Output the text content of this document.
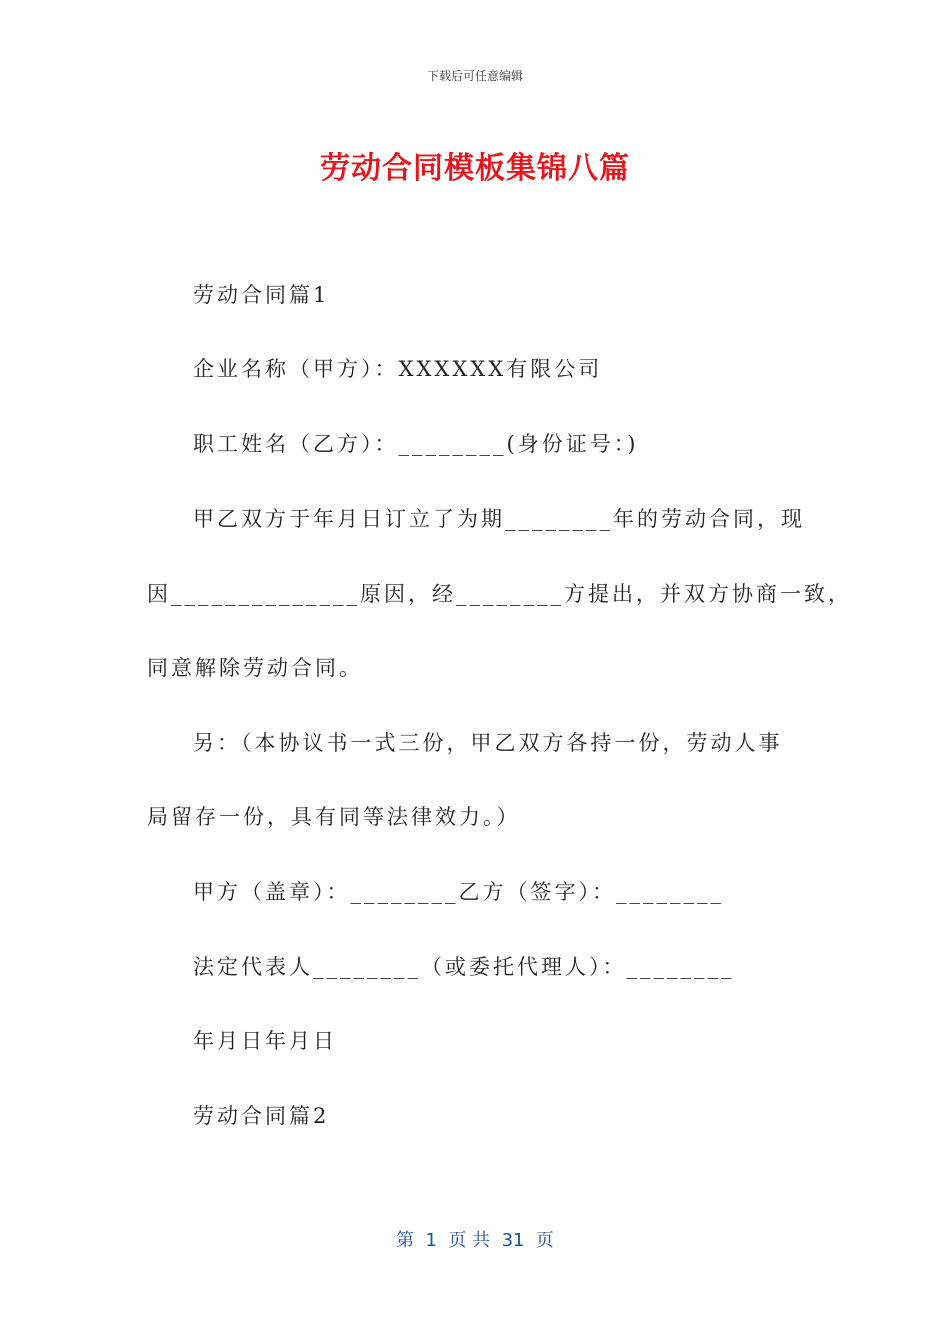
下载后可任意编辑
劳动合同模板集锦八篇
劳动合同篇1
企业名称（甲方）：XXXXXX有限公司
职工姓名（乙方）：________(身份证号：)
甲乙双方于年月日订立了为期________年的劳动合同，现
因______________原因，经________方提出，并双方协商一致，
同意解除劳动合同。
另：（本协议书一式三份，甲乙双方各持一份，劳动人事
局留存一份，具有同等法律效力。）
甲方（盖章）：________乙方（签字）：________
法定代表人________（或委托代理人）：________
年月日年月日
劳动合同篇2
第  1  页 共  31  页
